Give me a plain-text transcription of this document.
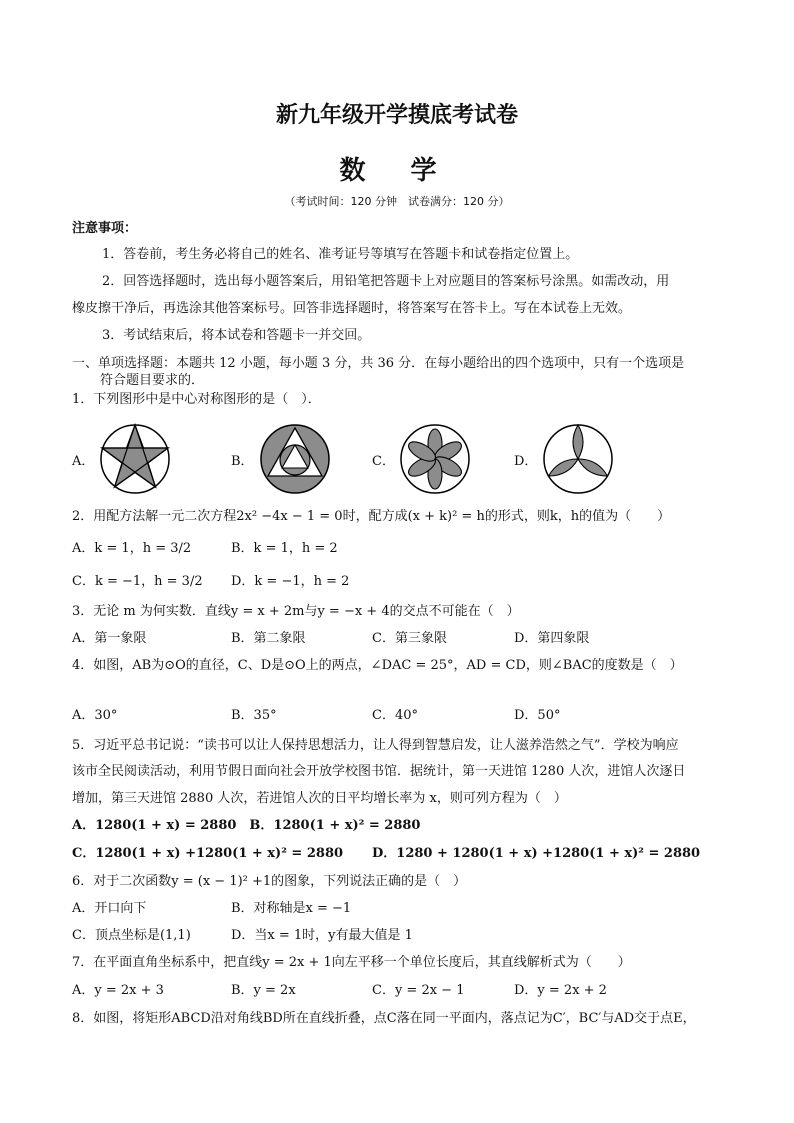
新九年级开学摸底考试卷
数 学
（考试时间：120 分钟　试卷满分：120 分）
注意事项：
1．答卷前，考生务必将自己的姓名、准考证号等填写在答题卡和试卷指定位置上。
2．回答选择题时，选出每小题答案后，用铅笔把答题卡上对应题目的答案标号涂黑。如需改动，用
橡皮擦干净后，再选涂其他答案标号。回答非选择题时，将答案写在答卡上。写在本试卷上无效。
3．考试结束后，将本试卷和答题卡一并交回。
一、单项选择题：本题共 12 小题，每小题 3 分，共 36 分．在每小题给出的四个选项中，只有一个选项是
符合题目要求的．
1．下列图形中是中心对称图形的是（　）．
A．	B．	C．	D．
2．用配方法解一元二次方程2x² −4x − 1 = 0时，配方成(x + k)² = h的形式，则k，h的值为（　　）
A．k = 1，h = 3/2	B．k = 1，h = 2
C．k = −1，h = 3/2 D．k = −1，h = 2
3．无论 m 为何实数．直线y = x + 2m与y = −x + 4的交点不可能在（　）
A．第一象限	B．第二象限	C．第三象限	D．第四象限
4．如图，AB为⊙O的直径，C、D是⊙O上的两点，∠DAC = 25°，AD = CD，则∠BAC的度数是（　）
A．30°	B．35°	C．40°	D．50°
5．习近平总书记说：“读书可以让人保持思想活力，让人得到智慧启发，让人滋养浩然之气”．学校为响应
该市全民阅读活动，利用节假日面向社会开放学校图书馆．据统计，第一天进馆 1280 人次，进馆人次逐日
增加，第三天进馆 2880 人次，若进馆人次的日平均增长率为 x，则可列方程为（　）
A．1280(1 + x) = 2880　B．1280(1 + x)² = 2880
C．1280(1 + x) +1280(1 + x)² = 2880 D．1280 + 1280(1 + x) +1280(1 + x)² = 2880
6．对于二次函数y = (x − 1)² +1的图象，下列说法正确的是（　）
A．开口向下	B．对称轴是x = −1
C．顶点坐标是(1,1)	D．当x = 1时，y有最大值是 1
7．在平面直角坐标系中，把直线y = 2x + 1向左平移一个单位长度后，其直线解析式为（　　）
A．y = 2x + 3	B．y = 2x	C．y = 2x − 1	D．y = 2x + 2
8．如图，将矩形ABCD沿对角线BD所在直线折叠，点C落在同一平面内，落点记为C′，BC′与AD交于点E，
